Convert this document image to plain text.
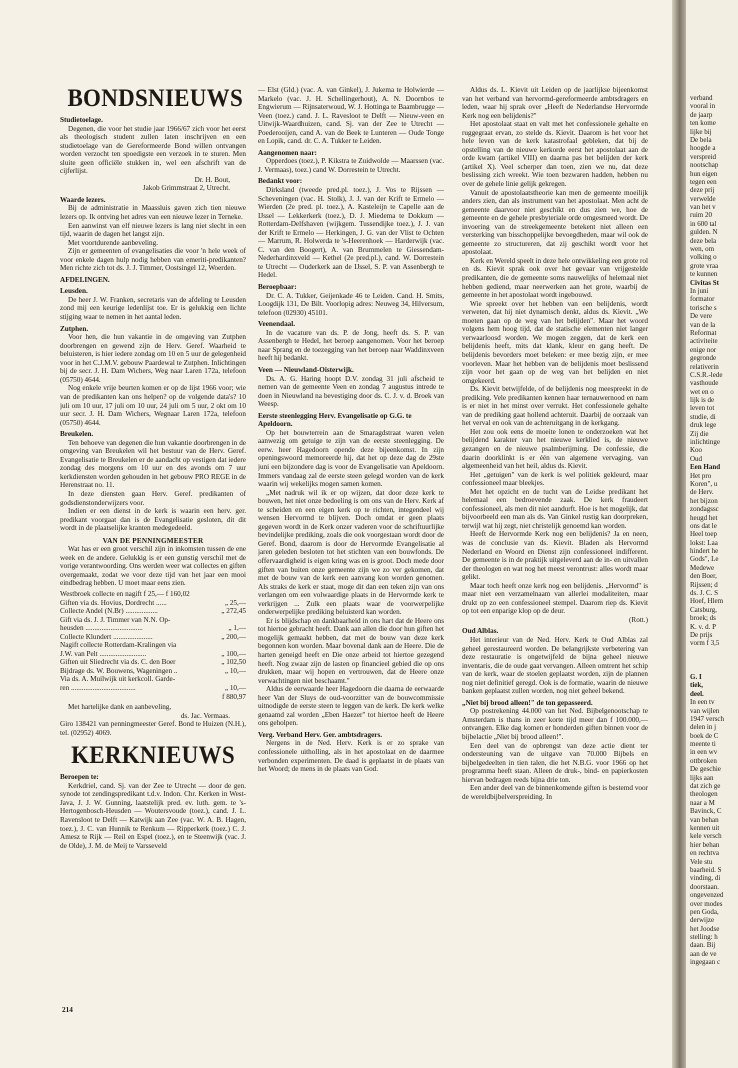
BONDSNIEUWS
Studietoelage.

Degenen, die voor het studie jaar 1966/67 zich voor het eerst als theologisch student zullen laten inschrijven en een studietoelage van de Gereformeerde Bond willen ontvangen worden verzocht ten spoedigste een verzoek in te sturen. Men sluite geen officiële stukken in, wel een afschrift van de cijferlijst.

Dr. H. Bout,
Jakob Grimmstraat 2, Utrecht.
Waarde lezers.

Bij de administratie in Maassluis gaven zich tien nieuwe lezers op. Ik ontving het adres van een nieuwe lezer in Terneke.

Een aanwinst van elf nieuwe lezers is lang niet slecht in een tijd, waarin de dagen het langst zijn.

Met voortdurende aanbeveling.

Zijn er gemeenten of evangelisaties die voor 'n hele week of voor enkele dagen hulp nodig hebben van emeriti-predikanten? Men richte zich tot ds. J. J. Timmer, Oostsingel 12, Woerden.

AFDELINGEN.
Leusden.

De heer J. W. Franken, secretaris van de afdeling te Leusden zond mij een keurige ledenlijst toe. Er is gelukkig een lichte stijging waar te nemen in het aantal leden.

Zutphen.

Voor hen, die hun vakantie in de omgeving van Zutphen doorbrengen en gewend zijn de Herv. Geref. Waarheid te beluisteren, is hier iedere zondag om 10 en 5 uur de gelegenheid voor in het C.J.M.V. gebouw Paardewal te Zutphen. Inlichtingen bij de secr. J. H. Dam Wichers, Weg naar Laren 172a, telefoon (05750) 4644.

Nog enkele vrije beurten komen er op de lijst 1966 voor; wie van de predikanten kan ons helpen? op de volgende data's? 10 juli om 10 uur, 17 juli om 10 uur, 24 juli om 5 uur, 2 okt om 10 uur secr. J. H. Dam Wichers, Wegnaar Laren 172a, telefoon (05750) 4644.

Breukelen.

Ten behoeve van degenen die hun vakantie doorbrengen in de omgeving van Breukelen wil het bestuur van de Herv. Geref. Evangelisatie te Breukelen er de aandacht op vestigen dat iedere zondag des morgens om 10 uur en des avonds om 7 uur kerkdiensten worden gehouden in het gebouw PRO REGE in de Herenstraat no. 11.

In deze diensten gaan Herv. Geref. predikanten of godsdienstonderwijzers voor.

Indien er een dienst in de kerk is waarin een herv. ger. predikant voorgaat dan is de Evangelisatie gesloten, dit dit wordt in de plaatselijke kranten medegedeeld.

VAN DE PENNINGMEESTER

Wat has er een groot verschil zijn in inkomsten tussen de ene week en de andere. Gelukkig is er een gunstig verschil met de vorige verantwoording. Ons werden weer wat collectes en giften overgemaakt, zodat we voor deze tijd van het jaar een mooi eindbedrag hebben. U moet maar eens zien.

Westbroek collecte en nagift f 25,— f 160,02
Giften via ds. Hovius, Dordrecht ......	„ 25,—
Collecte Andel (N.Br) ..................	„ 272,45
Gift via ds. J. J. Timmer van N.N. Op-
heusden ................................	„ 1,—
Collecte Klundert ......................	„ 200,—
Nagift collecte Rotterdam-Kralingen via
J.W. van Pelt ..........................	„ 100,—
Giften uit Sliedrecht via ds. C. den Boer	„ 102,50
Bijdrage ds. W. Bouwens, Wageningen ..	„ 10,—
Via ds. A. Muilwijk uit kerkcoll. Garde-
ren ....................................	„ 10,—
f 880,97

Met hartelijke dank en aanbeveling,

ds. Jac. Vermaas.

Giro 138421 van penningmeester Geref. Bond te Huizen (N.H.), tel. (02952) 4069.

KERKNIEUWS
Beroepen te:

Kerkdriel, cand. Sj. van der Zee te Utrecht — door de gen. synode tot zendingspredikant t.d.v. Indon. Chr. Kerken in West-Java, J. J. W. Gunning, laatstelijk pred. ev. luth. gem. te 's-Hertogenbosch-Heusden — Woutersvoude (toez.), cand. J. L. Ravensloot te Delft — Katwijk aan Zee (vac. W. A. B. Hagen, toez.), J. C. van Hunnik te Renkum — Ripperkerk (toez.) C. J. Amesz te Rijk — Reil en Espel (toez.), en te Steenwijk (vac. J. de Olde), J. M. de Meij te Varsseveld

— Elst (Gld.) (vac. A. van Ginkel), J. Jukema te Holwierde — Markelo (vac. J. H. Schellingerhout), A. N. Doornbos te Engwierum — Rijnsaterwoud, W. J. Hottinga te Baambrugge — Veen (toez.) cand. J. L. Ravesloot te Delft — Nieuw-veen en Uitwijk-Waardhuizen, cand. Sj. van der Zee te Utrecht — Poederooijen, cand A. van de Beek te Lunteren — Oude Tonge en Lopik, cand. dr. C. A. Tukker te Leiden.

Aangenomen naar:

Opperdoes (toez.), P. Kikstra te Zuidwolde — Maarssen (vac. J. Vermaas), toez.) cand W. Dorrestein te Utrecht.

Bedankt voor:

Dirksland (tweede pred.pl. toez.), J. Vos te Rijssen — Scheveningen (vac. H. Stolk), J. J. van der Krift te Ermelo — Wierden (2e pred. pl. toez.), A. Kasteleijn te Capelle aan de IJssel — Lekkerkerk (toez.), D. J. Miedema te Dokkum — Rotterdam-Delfshaven (wijkgem. Tussendijke toez.), J. J. van der Krift te Ermelo — Herkingen, J. G. van der Vlist te Ochten — Marrum, R. Holwerda te 's-Heerenhoek — Harderwijk (vac. C. van den Boogert), A. van Brummelen te Giessendam-Nederhardinxveld — Kethel (2e pred.pl.), cand. W. Dorrestein te Utrecht — Ouderkerk aan de IJssel, S. P. van Assenbergh te Hedel.

Beroepbaar:

Dr. C. A. Tukker, Geijenkade 46 te Leiden. Cand. H. Smits, Loogdijk 131, De Bilt. Voorlopig adres: Neuweg 34, Hilversum, telefoon (02930) 45101.

Veenendaal.

In de vacature van ds. P. de Jong, heeft ds. S. P. van Assenbergh te Hedel, het beroep aangenomen. Voor het beroep naar Sprang en de toezegging van het beroep naar Waddinxveen heeft hij bedankt.

Veen — Nieuwland-Oisterwijk.

Ds. A. G. Haring hoopt D.V. zondag 31 juli afscheid te nemen van de gemeente Veen en zondag 7 augustus intrede te doen in Nieuwland na bevestiging door ds. C. J. v. d. Broek van Weesp.

Eerste steenlegging Herv. Evangelisatie op G.G. te Apeldoorn.

Op het bouwterrein aan de Smaragdstraat waren velen aanwezig om getuige te zijn van de eerste steenlegging. De eerw. heer Hagedoorn opende deze bijeenkomst. In zijn openingswoord memoreerde hij, dat het op deze dag de 29ste juni een bijzondere dag is voor de Evangelisatie van Apeldoorn. Immers vandaag zal de eerste steen gelegd worden van de kerk waarin wij wekelijks mogen samen komen.

„Met nadruk wil ik er op wijzen, dat door deze kerk te bouwen, het niet onze bedoeling is om ons van de Herv. Kerk af te scheiden en een eigen kerk op te richten, integendeel wij wensen Hervormd te blijven. Doch omdat er geen plaats gegeven wordt in de Kerk onzer vaderen voor de schriftuurlijke bevindelijke prediking, zoals die ook voorgestaan wordt door de Geref. Bond, daarom is door de Hervormde Evangelisatie al jaren geleden besloten tot het stichten van een bouwfonds. De offervaardigheid is eigen kring was en is groot. Doch mede door giften van buiten onze gemeente zijn we zo ver gekomen, dat met de bouw van de kerk een aanvang kon worden genomen. Als straks de kerk er staat, moge dit dan een teken zijn van ons verlangen om een volwaardige plaats in de Hervormde kerk te verkrijgen ... Zulk een plaats waar de voorwerpelijke onderwerpelijke prediking beluisterd kan worden.

Er is blijdschap en dankbaarheid in ons hart dat de Heere ons tot hiertoe gebracht heeft. Dank aan allen die door hun giften het mogelijk gemaakt hebben, dat met de bouw van deze kerk begonnen kon worden. Maar bovenal dank aan de Heere. Die de harten geneigd heeft en Die onze arbeid tot hiertoe gezegend heeft. Nog zwaar zijn de lasten op financieel gebied die op ons drukken, maar wij hopen en vertrouwen, dat de Heere onze verwachtingen niet beschaamt."

Aldus de eerwaarde heer Hagedoorn die daarna de eerwaarde heer Van der Sluys de oud-voorzitter van de bouwcommissie uitnodigde de eerste steen te leggen van de kerk. De kerk welke genaamd zal worden „Eben Haezer" tot hiertoe heeft de Heere ons geholpen.

Verg. Verband Herv. Ger. ambtsdragers.

Nergens in de Ned. Herv. Kerk is er zo sprake van confessionele uitholling, als in het apostolaat en de daarmee verbonden experimenten. De daad is geplaatst in de plaats van het Woord; de mens in de plaats van God.

Aldus ds. L. Kievit uit Leiden op de jaarlijkse bijeenkomst van het verband van hervormd-gereformeerde ambtsdragers en leden, waar hij sprak over „Heeft de Nederlandse Hervormde Kerk nog een belijdenis?"

Het apostolaat staat en valt met het confessionele gehalte en ruggegraat ervan, zo stelde ds. Kievit. Daarom is het voor het hele leven van de kerk katastrofaal gebleken, dat bij de opstelling van de nieuwe kerkorde eerst het apostolaat aan de orde kwam (artikel VIII) en daarna pas het belijden der kerk (artikel X). Veel scherper dan toen, zien we nu, dat deze beslissing zich wreekt. Wie toen bezwaren hadden, hebben nu over de gehele linie gelijk gekregen.

Vanuit de apostolaatstheorie kan men de gemeente moeilijk anders zien, dan als instrument van het apostolaat. Men acht de gemeente daarvoor niet geschikt en dus zien we, hoe de gemeente en de gehele presbyteriale orde omgesmeed wordt. De invoering van de streekgemeente betekent niet alleen een versterking van bisschoppelijke bevoegdheden, maar wil ook de gemeente zo structureren, dat zij geschikt wordt voor het apostolaat.

Kerk en Wereld speelt in deze hele ontwikkeling een grote rol en ds. Kievit sprak ook over het gevaar van vrijgestelde predikanten, die de gemeente soms nauwelijks of helemaal niet hebben gediend, maar neerwerken aan het grote, waarbij de gemeente in het apostolaat wordt ingebouwd.

Wie spreekt over het hebben van een belijdenis, wordt verweten, dat hij niet dynamisch denkt, aldus ds. Kievit. „We moeten gaan op de weg van het belijden". Maar het woord volgens hem hoog tijd, dat de statische elementen niet langer verwaarloosd worden. We mogen zeggen, dat de kerk een belijdenis heeft, mits dat klank, kleur en gang heeft. De belijdenis bevorders moet beleken: er mee bezig zijn, er mee voorleven. Maar het hebben van de belijdenis moet beslissend zijn voor het gaan op de weg van het belijden en niet omgekeerd.

Ds. Kievit betwijfelde, of de belijdenis nog meespreekt in de prediking. Vele predikanten kennen haar ternauwernood en nam is er niet in het minst over verrukt. Het confessionele gehalte van de prediking gaat hollend achteruit. Daarbij de oorzaak van het verval en ook van de achteruitgang in de kerkgang.

Het zou ook eens de moeite lonen te onderzoeken wat het belijdend karakter van het nieuwe kerklied is, de nieuwe gezangen en de nieuwe psalmberijming. De confessie, die daarin doorklinkt is er één van algemene vervaging, van algemeenheid van het heil, aldus ds. Kievit.

Het „getuigen" van de kerk is wel politiek gekleurd, maar confessioneel maar bleekjes.

Met het opzicht en de tucht van de Leidse predikant het helemaal een bedroevende zaak. De kerk fraudeert confessioneel, als men dit niet aandurft. Hoe is het mogelijk, dat bijvoorbeeld een man als ds. Van Ginkel rustig kan doorpreken, terwijl wat hij zegt, niet christelijk genoemd kan worden.

Heeft de Hervormde Kerk nog een belijdenis? Ja en neen, was de conclusie van ds. Kievit. Bladen als Hervormd Nederland en Woord en Dienst zijn confessioneel indifferent. De gemeente is in de praktijk uitgeleverd aan de in- en uitvallen der theologen en wat nog het meest verontrust: alles wordt maar gelikt.

Maar toch heeft onze kerk nog een belijdenis. „Hervormd" is maar niet een verzamelnaam van allerlei modaliteiten, maar drukt op zo een confessioneel stempel. Daarom riep ds. Kievit op tot een enparige klop op de deur.

(Rott.)
Oud Alblas.

Het interieur van de Ned. Herv. Kerk te Oud Alblas zal geheel gerestaureerd worden. De belangrijkste verbetering van deze restauratie is ongetwijfeld de bijna geheel nieuwe inventaris, die de oude gaat vervangen. Alleen omtrent het schip van de kerk, waar de stoelen geplaatst worden, zijn de plannen nog niet definitief geregd. Ook is de formatie, waarin de nieuwe banken geplaatst zullen worden, nog niet geheel bekend.

„Niet bij brood alleen!" de ton gepasseerd.

Op postrekening 44.000 van het Ned. Bijbelgenootschap te Amsterdam is thans in zeer korte tijd meer dan f 100.000,— ontvangen. Elke dag komen er honderden giften binnen voor de bijbelactie „Niet bij brood alleen!".

Een deel van de opbrengst van deze actie dient ter ondersteuning van de uitgave van 70.000 Bijbels en bijbelgedeelten in tien talen, die het N.B.G. voor 1966 op het programma heeft staan. Alleen de druk-, bind- en papierkosten hiervan bedragen reeds bijna drie ton.

Een ander deel van de binnenkomende giften is bestemd voor de wereldbijbelverspreiding. In

214
verband
vooral in
de jaarp
ten kome
lijke bij
De bela
hoogde a
verspreid
nootschap
hun eigen
tegen een
deze prij
verwelde
van het v
ruim 20
in 600 tal
gulden. N
deze bela
wen, om
volking o
grote vraa
te kunnen
Civitas St
In juni
formator
torische s
De vere
van de la
Reformat
activiteite
enige nor
gegronde
relativerin
C.S.R.-lede
vasthoude
wet en o
lijk is de
leven tot
studie, di
druk lege
Zij die
inlichtinge
Koo
Oud
Een Hand
Het pro
Koren", u
de Herv.
het bijzon
zondagssc
heugd het
ons dat le
Heel toep
lokst: Laa
hindert he
Gods", Le
Medewe
den Boer,
Rijssen; d
ds. J. C. S
Hoef, Hlem
Catsburg,
broek; ds
K. v. d. P
De prijs
vorm f 3,5
G. I
tiek,
deel.
In een tv
van wijlen
1947 versch
delen in j
boek de C
meente ti
in een wv
ottbroken
De geschie
lijks aan
dat zich ge
theologen
naar a M
Bavinck, C
van behan
kennen uit
kele versch
hier behan
en rechtva
Vele stu
baarheid. S
vinding, di
doorstaan.
ongevenzed
over modes
pen Goda,
derwijze
het Joodse
stelling: h
daan. Bij
aan de ve
ingegaan c
